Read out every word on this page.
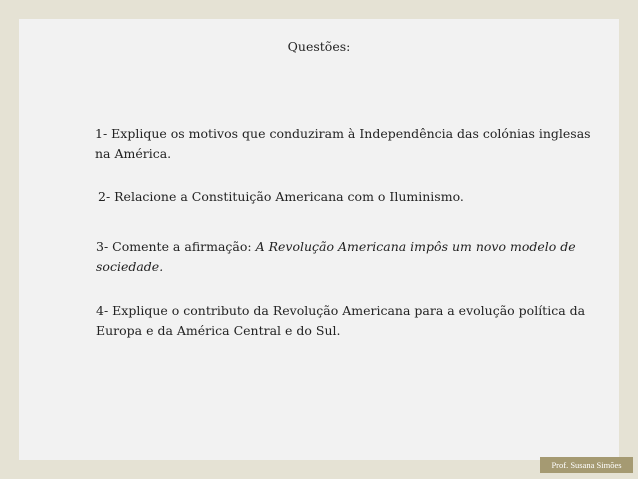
Questões:
1- Explique os motivos que conduziram à Independência das colónias inglesas na América.
2- Relacione a Constituição Americana com o Iluminismo.
3- Comente a afirmação: A Revolução Americana impôs um novo modelo de sociedade.
4- Explique o contributo da Revolução Americana para a evolução política da Europa e da América Central e do Sul.
Prof. Susana Simões
